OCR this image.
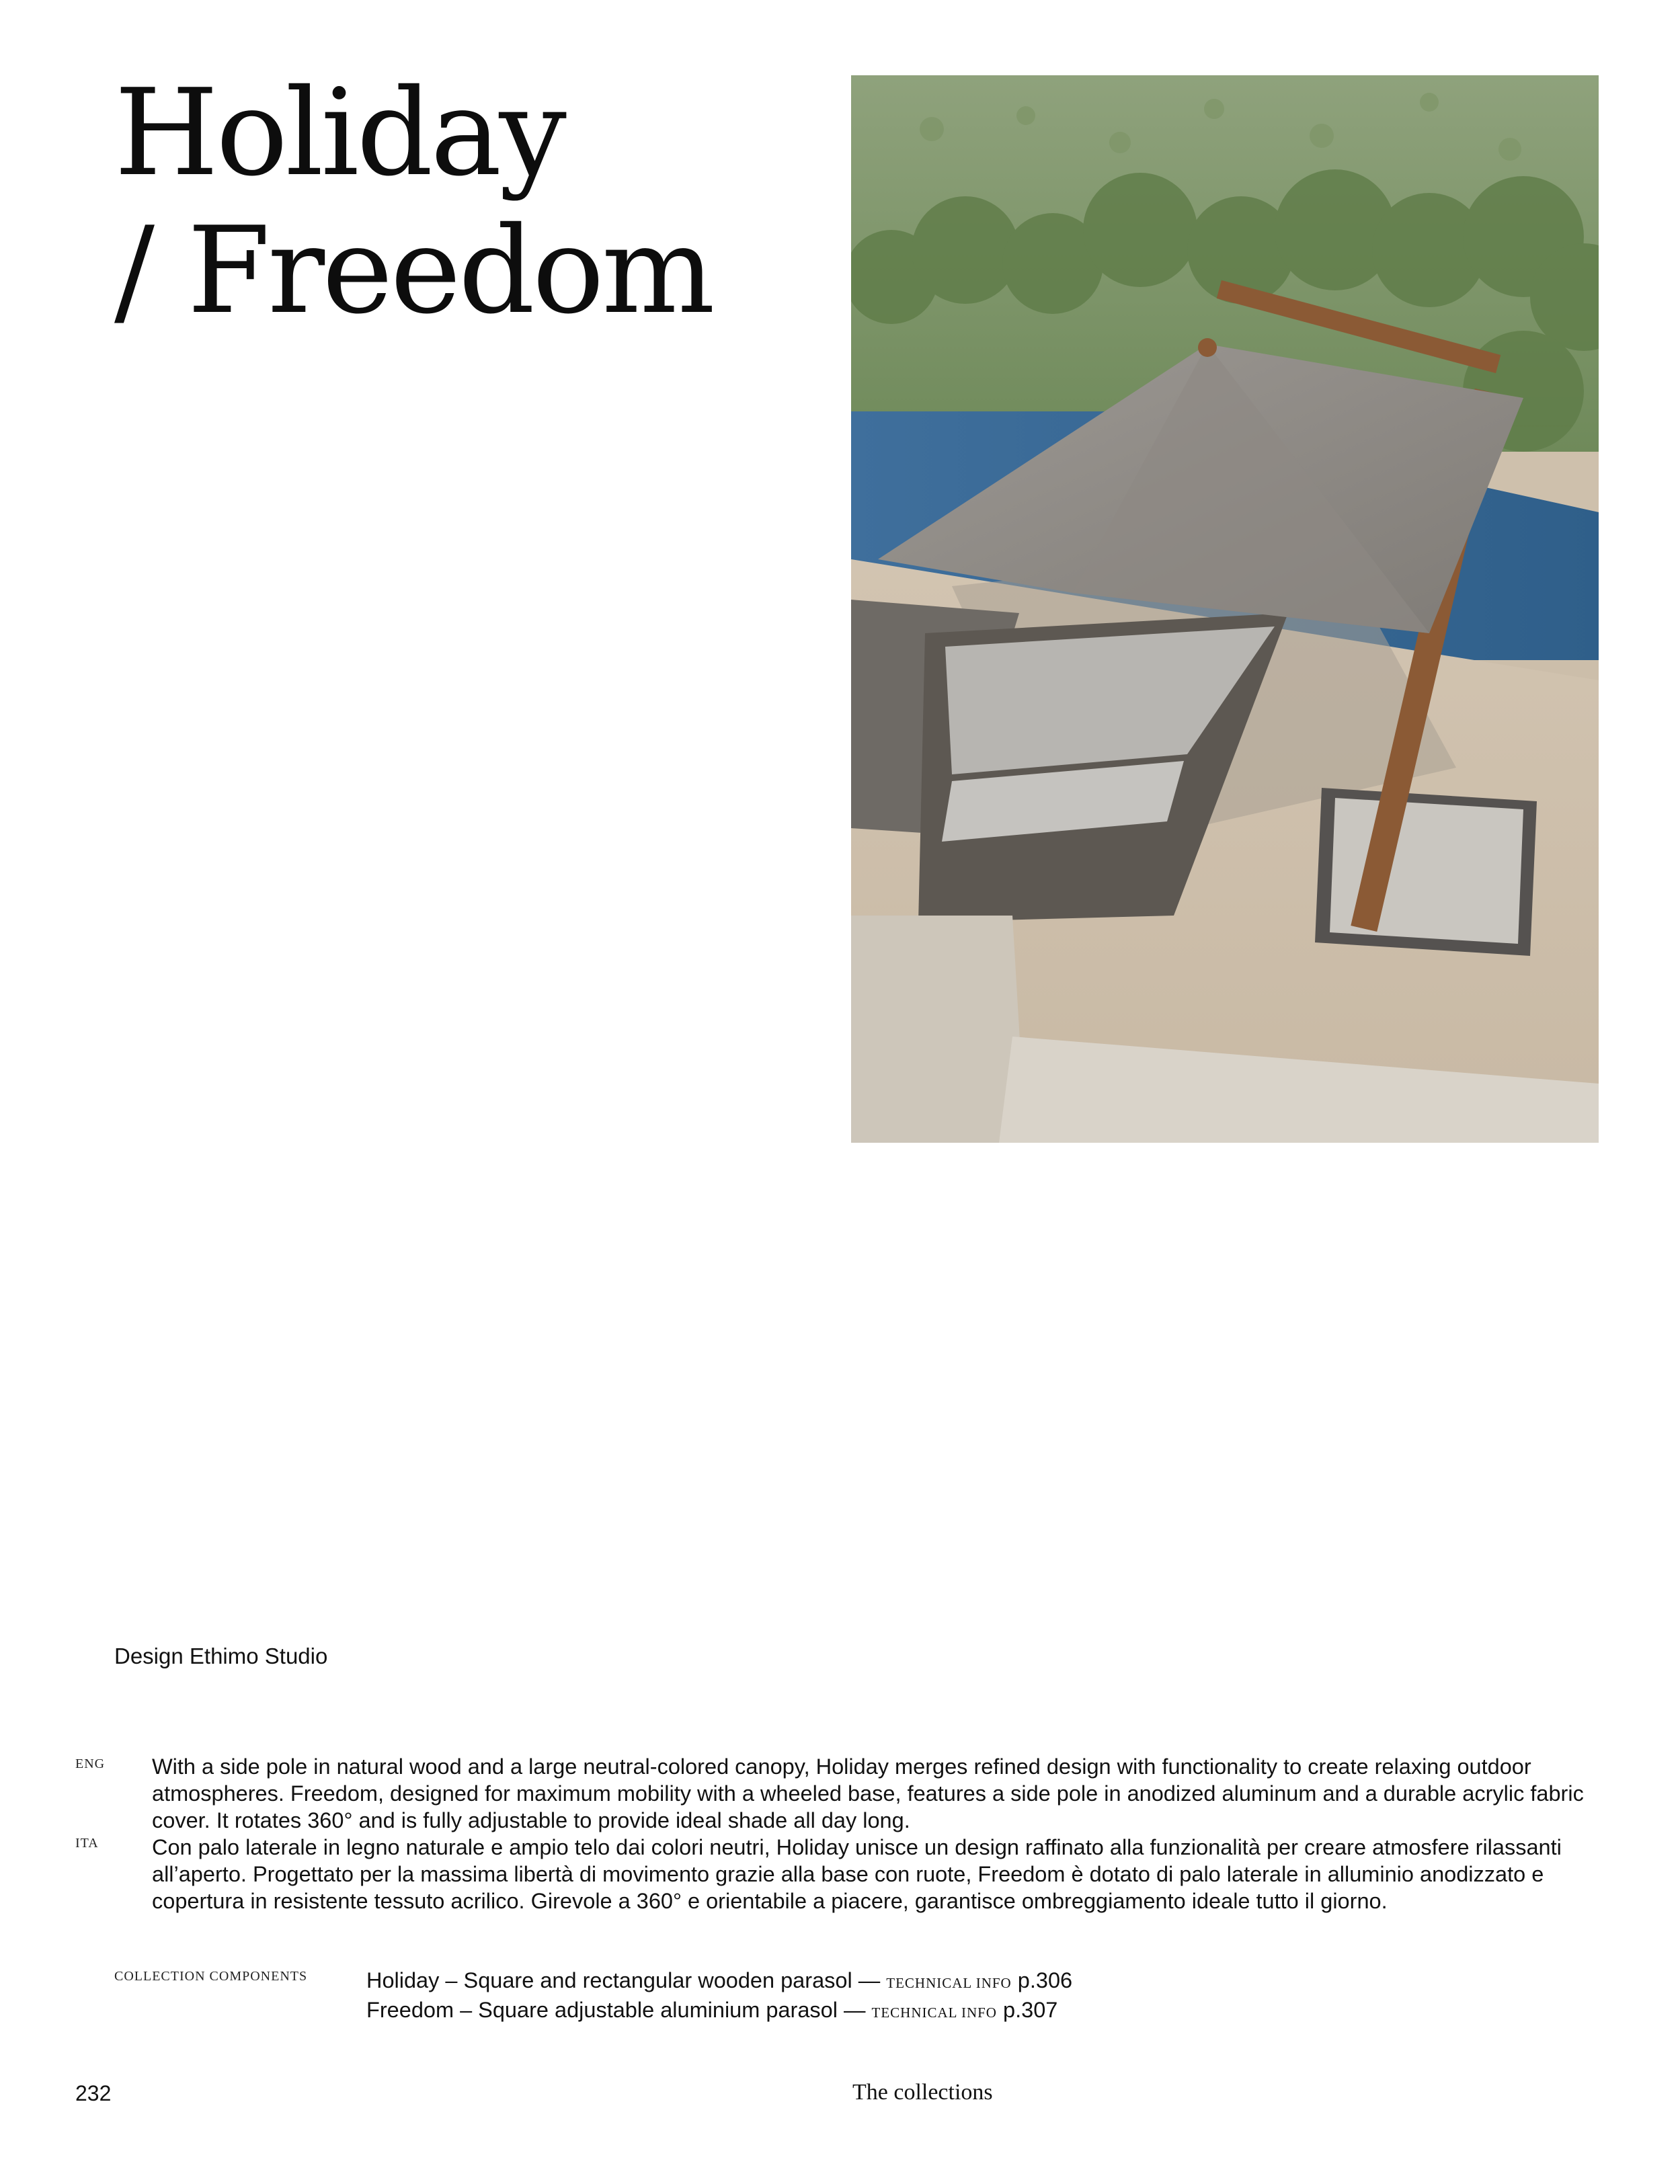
Holiday
/ Freedom
Design Ethimo Studio
ENG With a side pole in natural wood and a large neutral-colored canopy, Holiday merges refined design with functionality to create relaxing outdoor atmospheres. Freedom, designed for maximum mobility with a wheeled base, features a side pole in anodized aluminum and a durable acrylic fabric cover. It rotates 360° and is fully adjustable to provide ideal shade all day long.

ITA Con palo laterale in legno naturale e ampio telo dai colori neutri, Holiday unisce un design raffinato alla funzionalità per creare atmosfere rilassanti all’aperto. Progettato per la massima libertà di movimento grazie alla base con ruote, Freedom è dotato di palo laterale in alluminio anodizzato e copertura in resistente tessuto acrilico. Girevole a 360° e orientabile a piacere, garantisce ombreggiamento ideale tutto il giorno.

COLLECTION COMPONENTS	Holiday – Square and rectangular wooden parasol — TECHNICAL INFO p.306
Freedom – Square adjustable aluminium parasol — TECHNICAL INFO p.307
232	The collections
